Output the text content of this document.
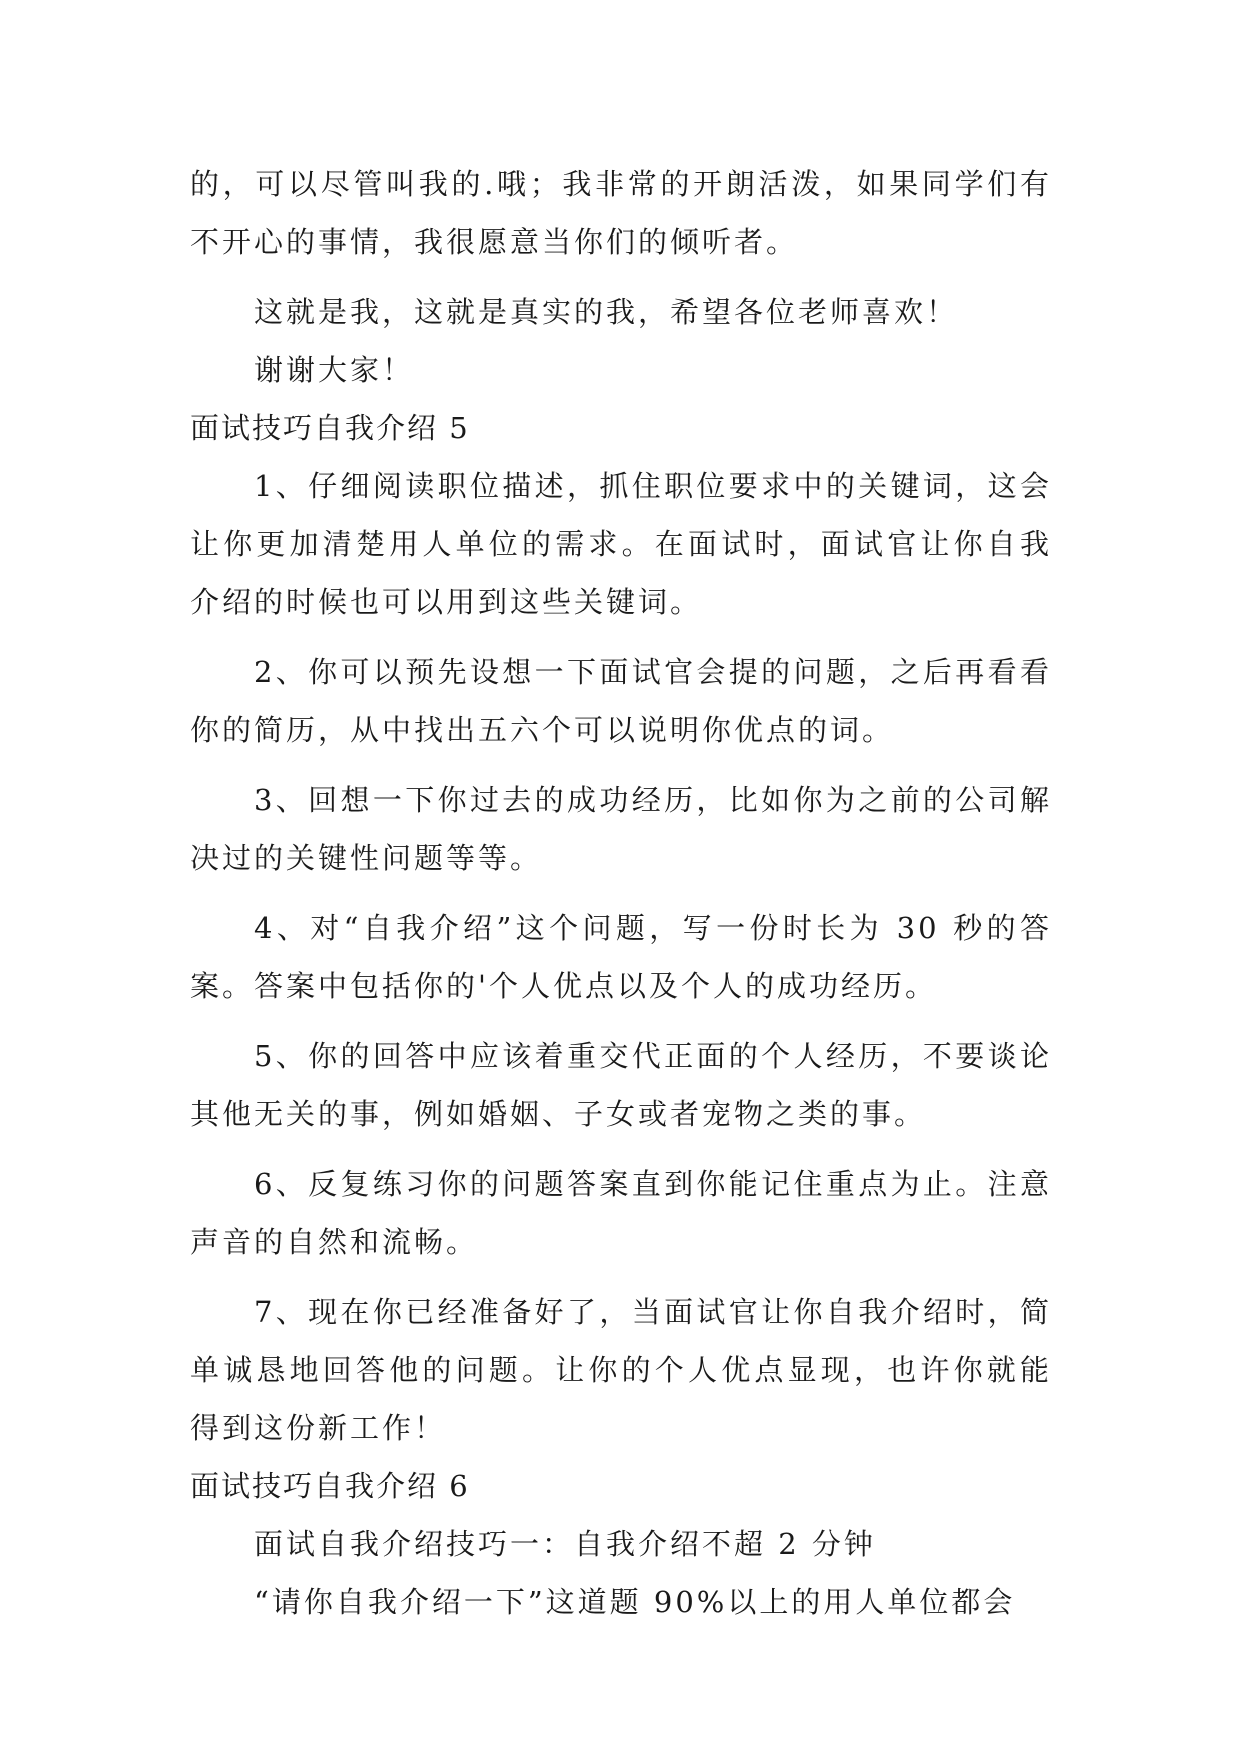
的，可以尽管叫我的.哦；我非常的开朗活泼，如果同学们有不开心的事情，我很愿意当你们的倾听者。

这就是我，这就是真实的我，希望各位老师喜欢！

谢谢大家！

面试技巧自我介绍 5

1、仔细阅读职位描述，抓住职位要求中的关键词，这会让你更加清楚用人单位的需求。在面试时，面试官让你自我介绍的时候也可以用到这些关键词。

2、你可以预先设想一下面试官会提的问题，之后再看看你的简历，从中找出五六个可以说明你优点的词。

3、回想一下你过去的成功经历，比如你为之前的公司解决过的关键性问题等等。

4、对“自我介绍”这个问题，写一份时长为 30 秒的答案。答案中包括你的'个人优点以及个人的成功经历。

5、你的回答中应该着重交代正面的个人经历，不要谈论其他无关的事，例如婚姻、子女或者宠物之类的事。

6、反复练习你的问题答案直到你能记住重点为止。注意声音的自然和流畅。

7、现在你已经准备好了，当面试官让你自我介绍时，简单诚恳地回答他的问题。让你的个人优点显现，也许你就能得到这份新工作！

面试技巧自我介绍 6

面试自我介绍技巧一：自我介绍不超 2 分钟

“请你自我介绍一下”这道题 90%以上的用人单位都会
